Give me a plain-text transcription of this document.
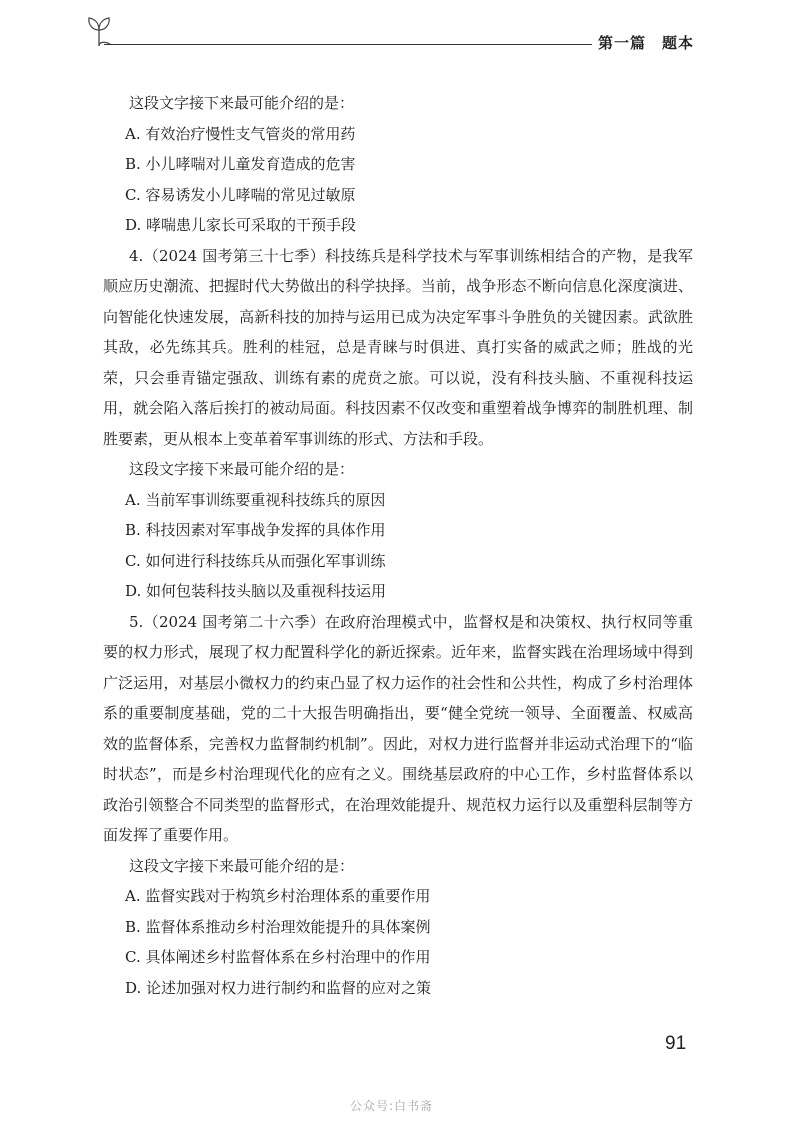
第一篇　题本

这段文字接下来最可能介绍的是：

A. 有效治疗慢性支气管炎的常用药

B. 小儿哮喘对儿童发育造成的危害

C. 容易诱发小儿哮喘的常见过敏原

D. 哮喘患儿家长可采取的干预手段

4.（2024 国考第三十七季）科技练兵是科学技术与军事训练相结合的产物，是我军顺应历史潮流、把握时代大势做出的科学抉择。当前，战争形态不断向信息化深度演进、向智能化快速发展，高新科技的加持与运用已成为决定军事斗争胜负的关键因素。武欲胜其敌，必先练其兵。胜利的桂冠，总是青睐与时俱进、真打实备的威武之师；胜战的光荣，只会垂青锚定强敌、训练有素的虎贲之旅。可以说，没有科技头脑、不重视科技运用，就会陷入落后挨打的被动局面。科技因素不仅改变和重塑着战争博弈的制胜机理、制胜要素，更从根本上变革着军事训练的形式、方法和手段。

这段文字接下来最可能介绍的是：

A. 当前军事训练要重视科技练兵的原因

B. 科技因素对军事战争发挥的具体作用

C. 如何进行科技练兵从而强化军事训练

D. 如何包装科技头脑以及重视科技运用

5.（2024 国考第二十六季）在政府治理模式中，监督权是和决策权、执行权同等重要的权力形式，展现了权力配置科学化的新近探索。近年来，监督实践在治理场域中得到广泛运用，对基层小微权力的约束凸显了权力运作的社会性和公共性，构成了乡村治理体系的重要制度基础，党的二十大报告明确指出，要“健全党统一领导、全面覆盖、权威高效的监督体系，完善权力监督制约机制”。因此，对权力进行监督并非运动式治理下的“临时状态”，而是乡村治理现代化的应有之义。围绕基层政府的中心工作，乡村监督体系以政治引领整合不同类型的监督形式，在治理效能提升、规范权力运行以及重塑科层制等方面发挥了重要作用。

这段文字接下来最可能介绍的是：

A. 监督实践对于构筑乡村治理体系的重要作用

B. 监督体系推动乡村治理效能提升的具体案例

C. 具体阐述乡村监督体系在乡村治理中的作用

D. 论述加强对权力进行制约和监督的应对之策

91
公众号:白书斋
